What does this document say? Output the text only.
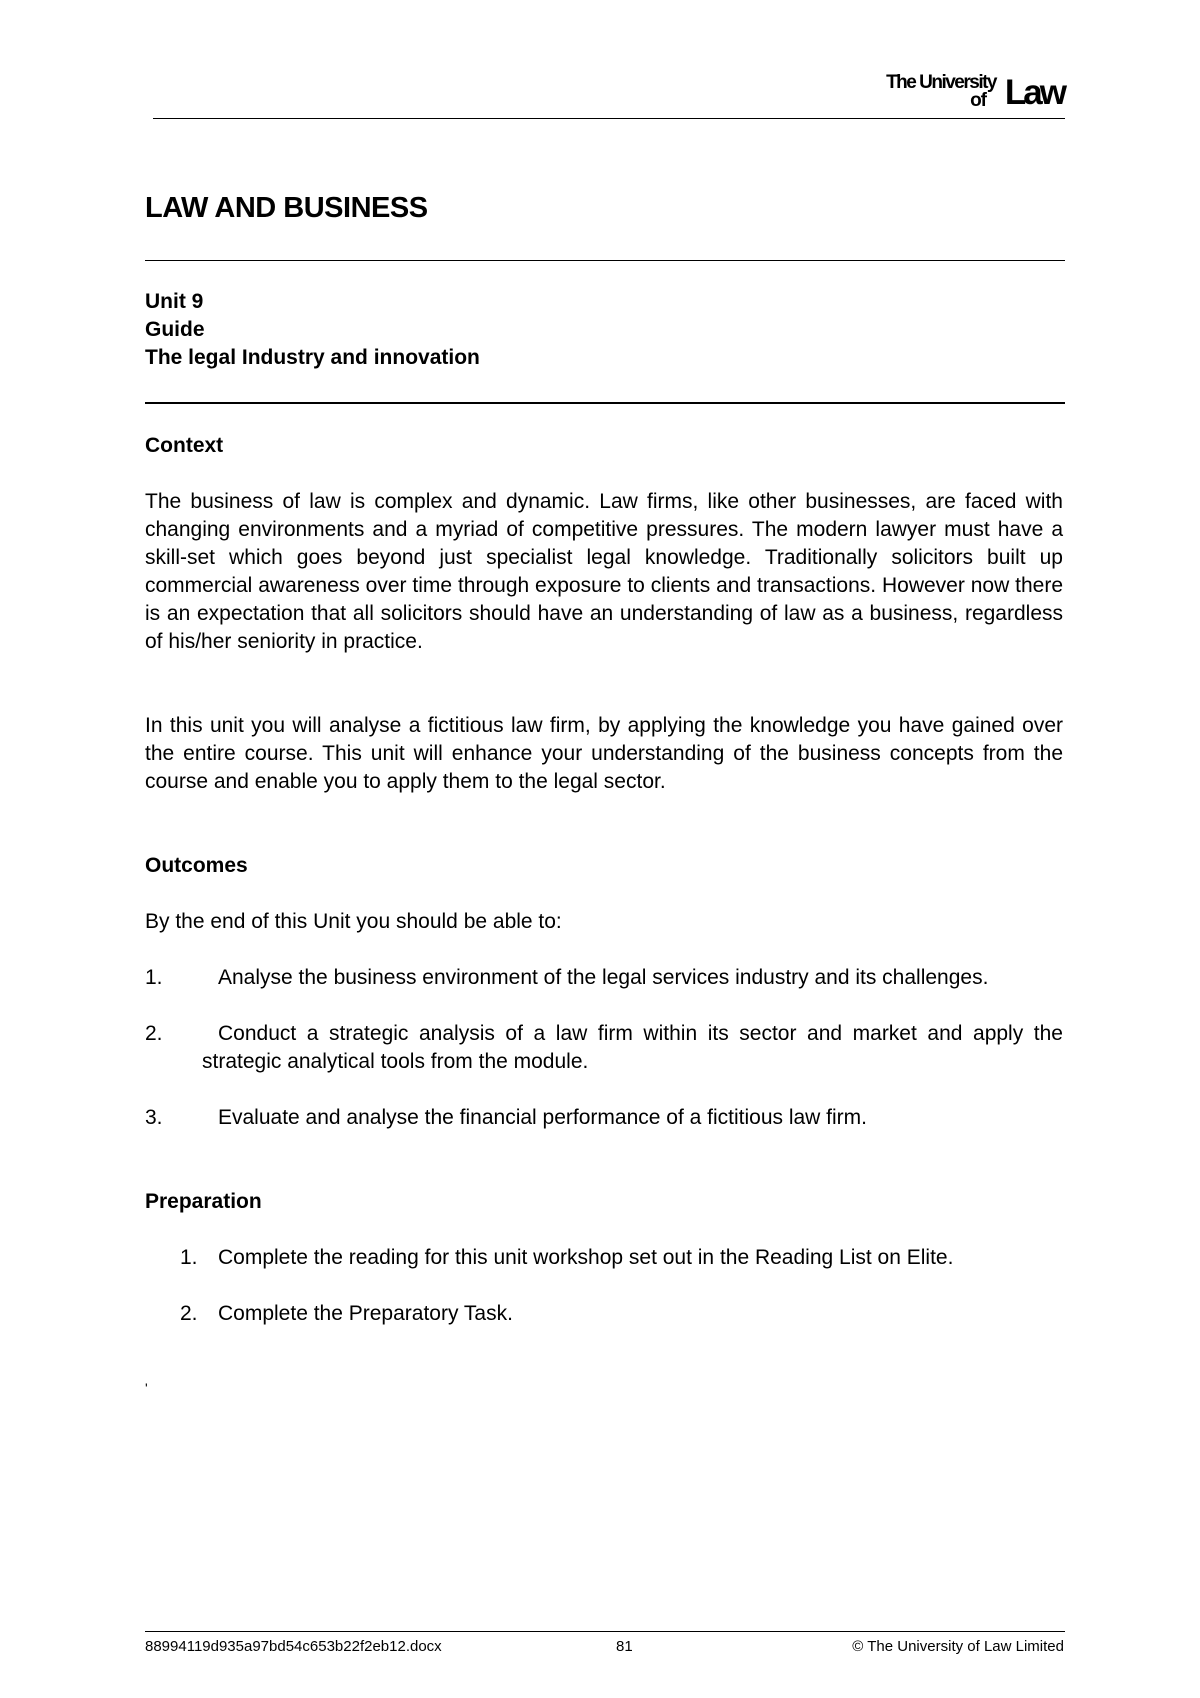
The University
of Law
LAW AND BUSINESS
Unit 9
Guide
The legal Industry and innovation
Context

The business of law is complex and dynamic. Law firms, like other businesses, are faced with changing environments and a myriad of competitive pressures. The modern lawyer must have a skill-set which goes beyond just specialist legal knowledge. Traditionally solicitors built up commercial awareness over time through exposure to clients and transactions. However now there is an expectation that all solicitors should have an understanding of law as a business, regardless of his/her seniority in practice.

In this unit you will analyse a fictitious law firm, by applying the knowledge you have gained over the entire course. This unit will enhance your understanding of the business concepts from the course and enable you to apply them to the legal sector.

Outcomes

By the end of this Unit you should be able to:

1.	Analyse the business environment of the legal services industry and its challenges.
2.	Conduct a strategic analysis of a law firm within its sector and market and apply the strategic analytical tools from the module.
3.	Evaluate and analyse the financial performance of a fictitious law firm.
Preparation
1. Complete the reading for this unit workshop set out in the Reading List on Elite.
2. Complete the Preparatory Task.
'
88994119d935a97bd54c653b22f2eb12.docx	81	© The University of Law Limited
